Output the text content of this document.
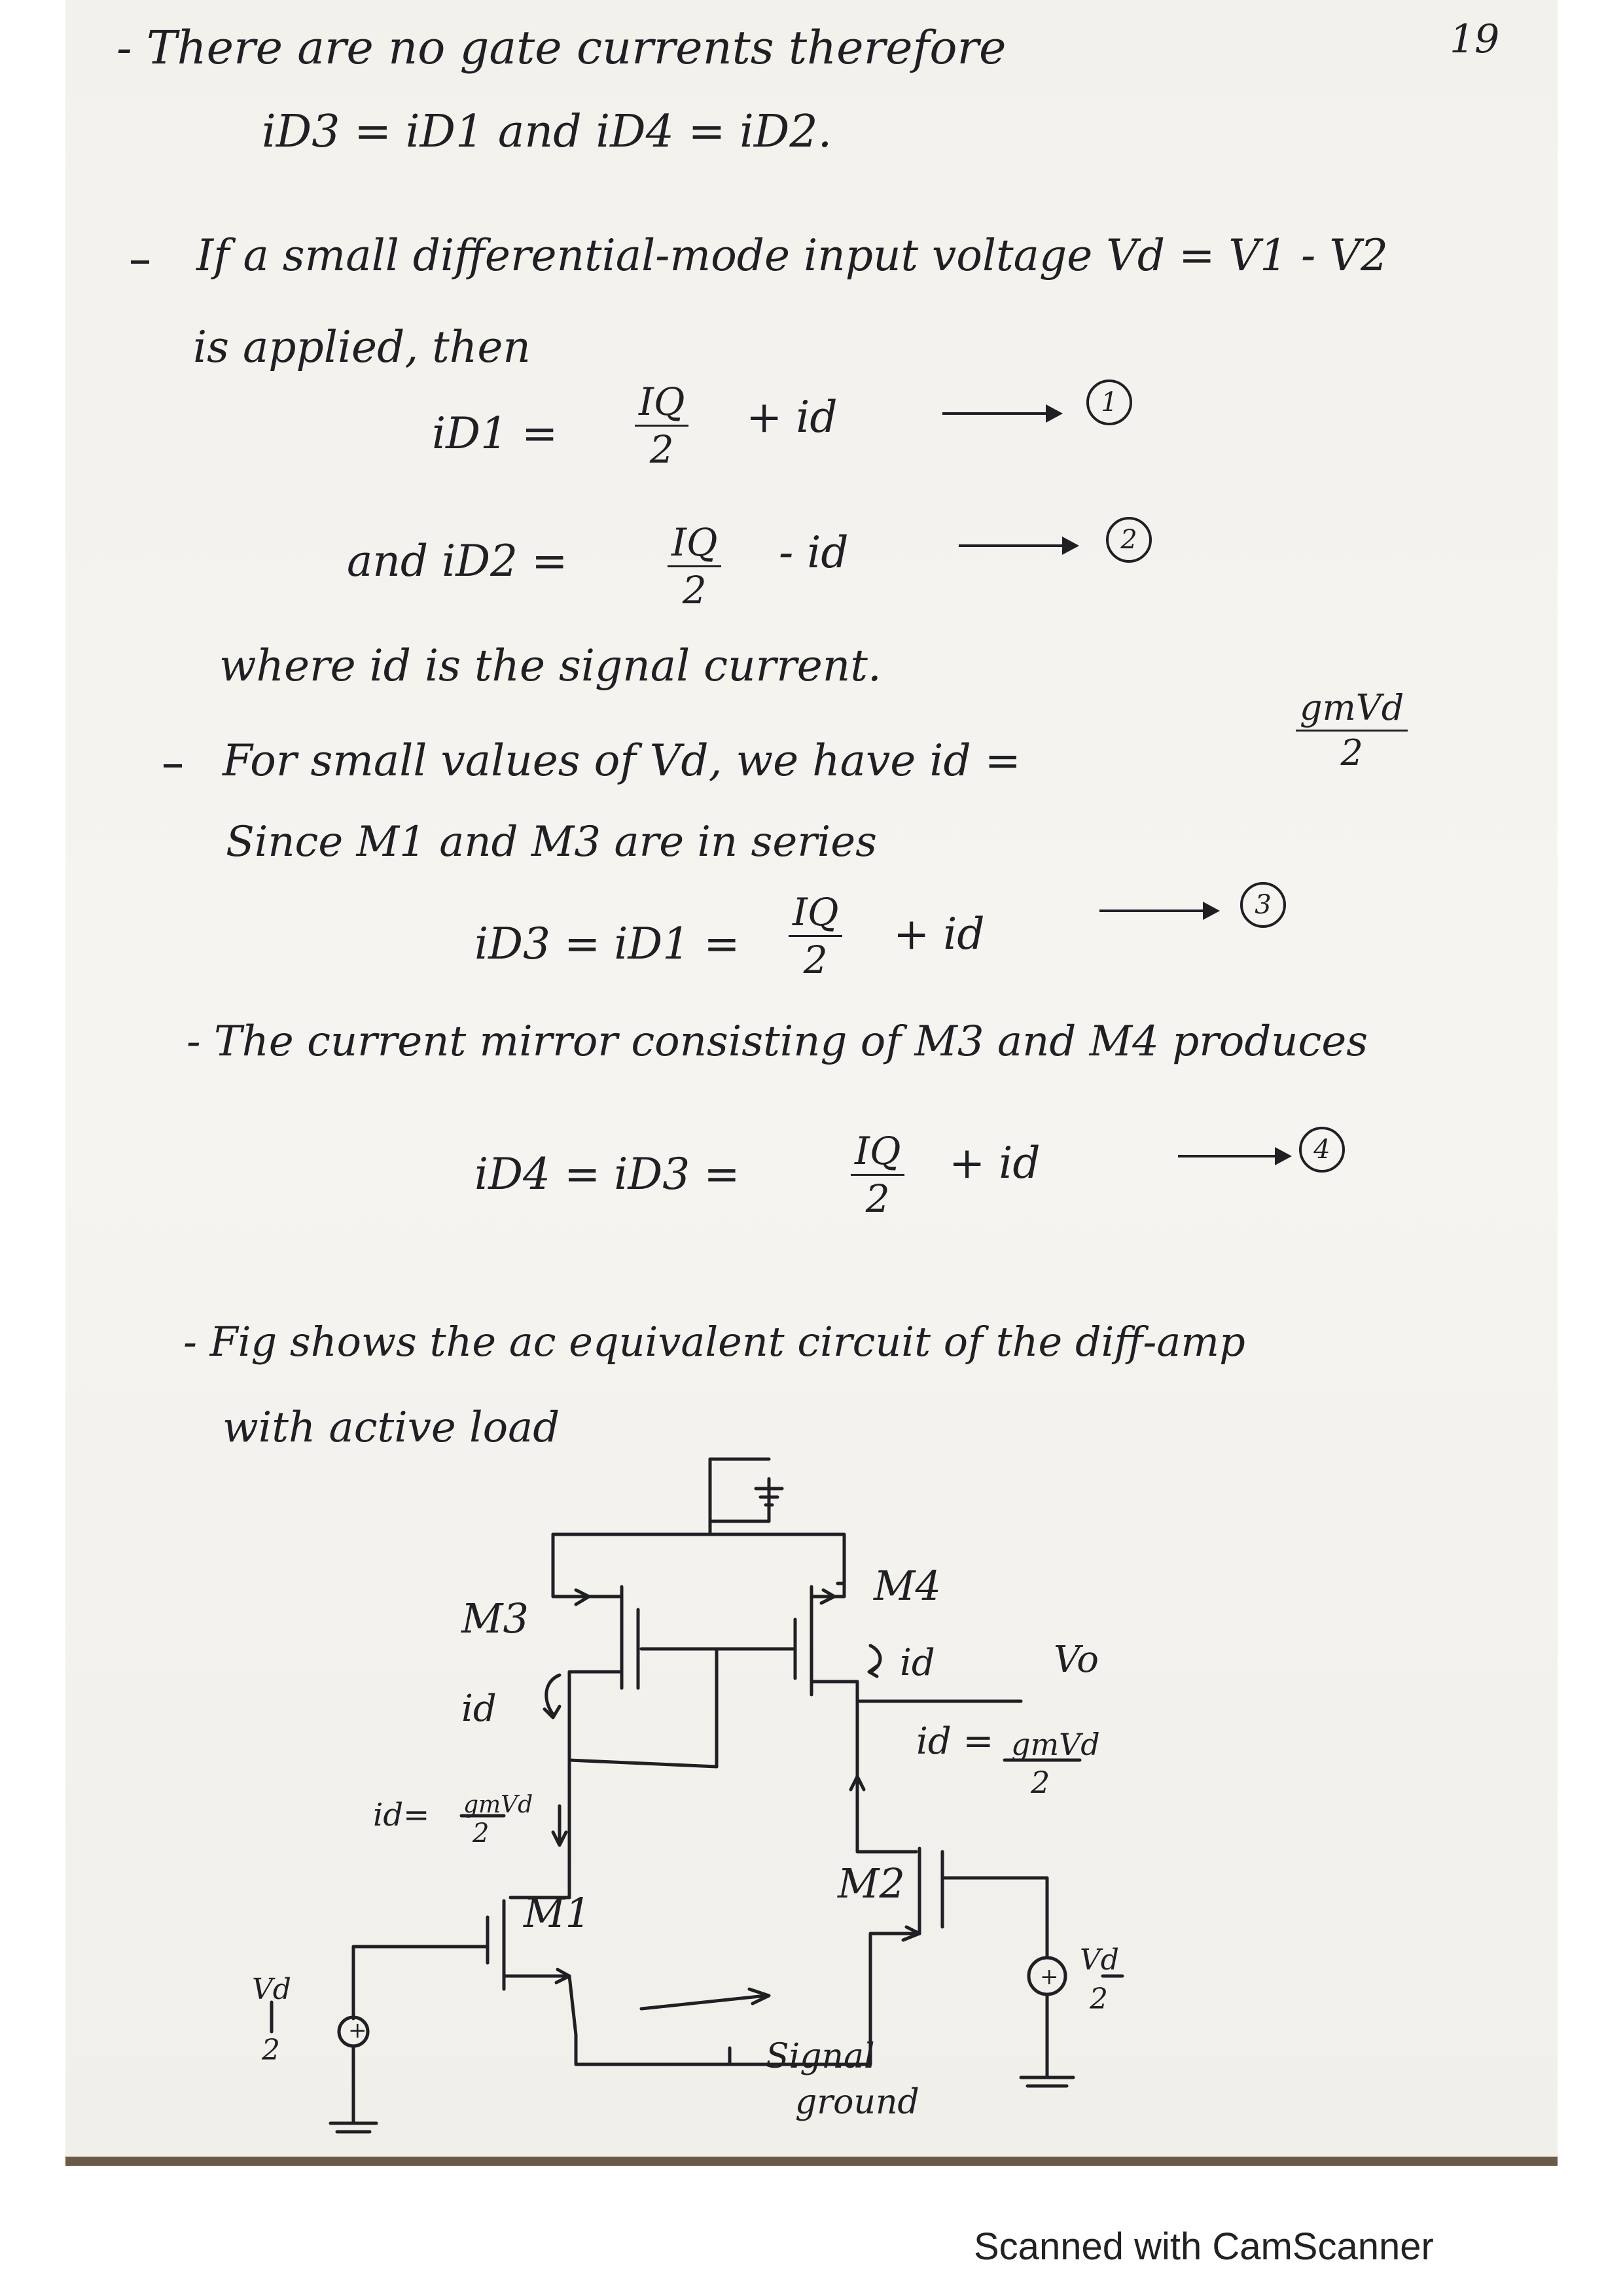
19
- There are no gate currents therefore
iD3 = iD1 and iD4 = iD2.
If a small differential-mode input voltage Vd = V1 - V2
is applied, then
$iD1 = \frac{IQ}{2}$ + id	1
and iD2 =	$\frac{IQ}{2}$ - id	2
where id is the signal current.
For small values of Vd, we have id =
gmVd
2
Since M1 and M3 are in series
$iD3 = iD1 = \frac{IQ}{2}$ + id
3
- The current mirror consisting of M3 and M4 produces
iD4 = iD3 =	$\frac{IQ}{2}$ + id	4
- Fig shows the ac equivalent circuit of the diff-amp
with active load
M3
M4
id
id	Vo
id = gmVd
2
id= gmVd
2
M1
M2
+
+
Vd
2
Vd
2
Signal
ground
Scanned with CamScanner
